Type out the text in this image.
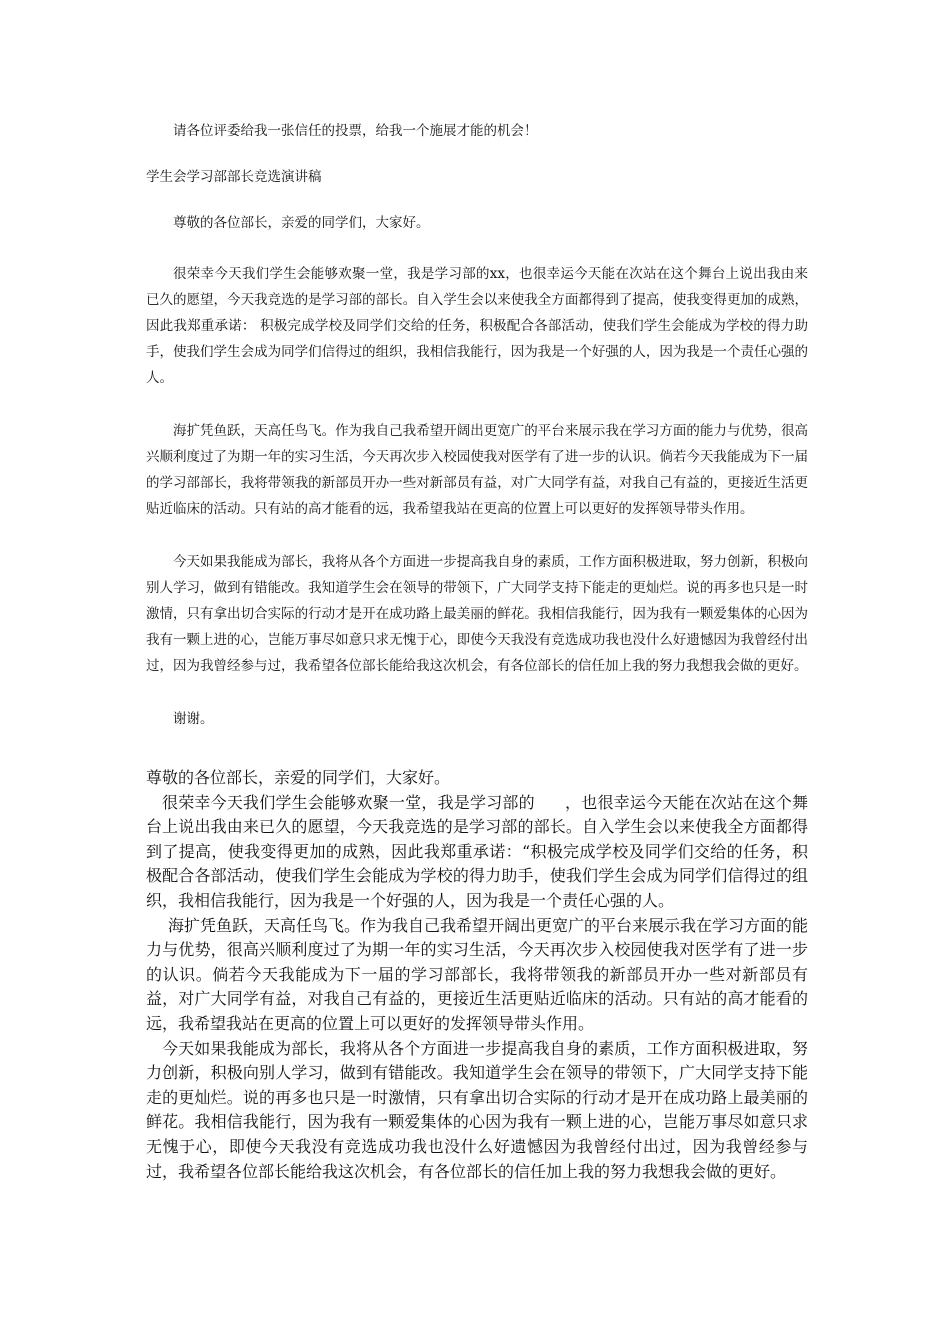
请各位评委给我一张信任的投票，给我一个施展才能的机会！

学生会学习部部长竞选演讲稿

尊敬的各位部长，亲爱的同学们，大家好。

很荣幸今天我们学生会能够欢聚一堂，我是学习部的xx，也很幸运今天能在次站在这个舞台上说出我由来已久的愿望，今天我竞选的是学习部的部长。自入学生会以来使我全方面都得到了提高，使我变得更加的成熟，因此我郑重承诺： 积极完成学校及同学们交给的任务，积极配合各部活动，使我们学生会能成为学校的得力助手，使我们学生会成为同学们信得过的组织，我相信我能行，因为我是一个好强的人，因为我是一个责任心强的人。

海扩凭鱼跃，天高任鸟飞。作为我自己我希望开阔出更宽广的平台来展示我在学习方面的能力与优势，很高兴顺利度过了为期一年的实习生活，今天再次步入校园使我对医学有了进一步的认识。倘若今天我能成为下一届的学习部部长，我将带领我的新部员开办一些对新部员有益，对广大同学有益，对我自己有益的，更接近生活更贴近临床的活动。只有站的高才能看的远，我希望我站在更高的位置上可以更好的发挥领导带头作用。

今天如果我能成为部长，我将从各个方面进一步提高我自身的素质，工作方面积极进取，努力创新，积极向别人学习，做到有错能改。我知道学生会在领导的带领下，广大同学支持下能走的更灿烂。说的再多也只是一时激情，只有拿出切合实际的行动才是开在成功路上最美丽的鲜花。我相信我能行，因为我有一颗爱集体的心因为我有一颗上进的心，岂能万事尽如意只求无愧于心，即使今天我没有竞选成功我也没什么好遗憾因为我曾经付出过，因为我曾经参与过，我希望各位部长能给我这次机会，有各位部长的信任加上我的努力我想我会做的更好。

谢谢。

尊敬的各位部长，亲爱的同学们，大家好。

很荣幸今天我们学生会能够欢聚一堂，我是学习部的 ，也很幸运今天能在次站在这个舞台上说出我由来已久的愿望，今天我竞选的是学习部的部长。自入学生会以来使我全方面都得到了提高，使我变得更加的成熟，因此我郑重承诺：“积极完成学校及同学们交给的任务，积极配合各部活动，使我们学生会能成为学校的得力助手，使我们学生会成为同学们信得过的组织，我相信我能行，因为我是一个好强的人，因为我是一个责任心强的人。

海扩凭鱼跃，天高任鸟飞。作为我自己我希望开阔出更宽广的平台来展示我在学习方面的能力与优势，很高兴顺利度过了为期一年的实习生活，今天再次步入校园使我对医学有了进一步的认识。倘若今天我能成为下一届的学习部部长，我将带领我的新部员开办一些对新部员有益，对广大同学有益，对我自己有益的，更接近生活更贴近临床的活动。只有站的高才能看的远，我希望我站在更高的位置上可以更好的发挥领导带头作用。

今天如果我能成为部长，我将从各个方面进一步提高我自身的素质，工作方面积极进取，努力创新，积极向别人学习，做到有错能改。我知道学生会在领导的带领下，广大同学支持下能走的更灿烂。说的再多也只是一时激情，只有拿出切合实际的行动才是开在成功路上最美丽的鲜花。我相信我能行，因为我有一颗爱集体的心因为我有一颗上进的心，岂能万事尽如意只求无愧于心，即使今天我没有竞选成功我也没什么好遗憾因为我曾经付出过，因为我曾经参与过，我希望各位部长能给我这次机会，有各位部长的信任加上我的努力我想我会做的更好。
